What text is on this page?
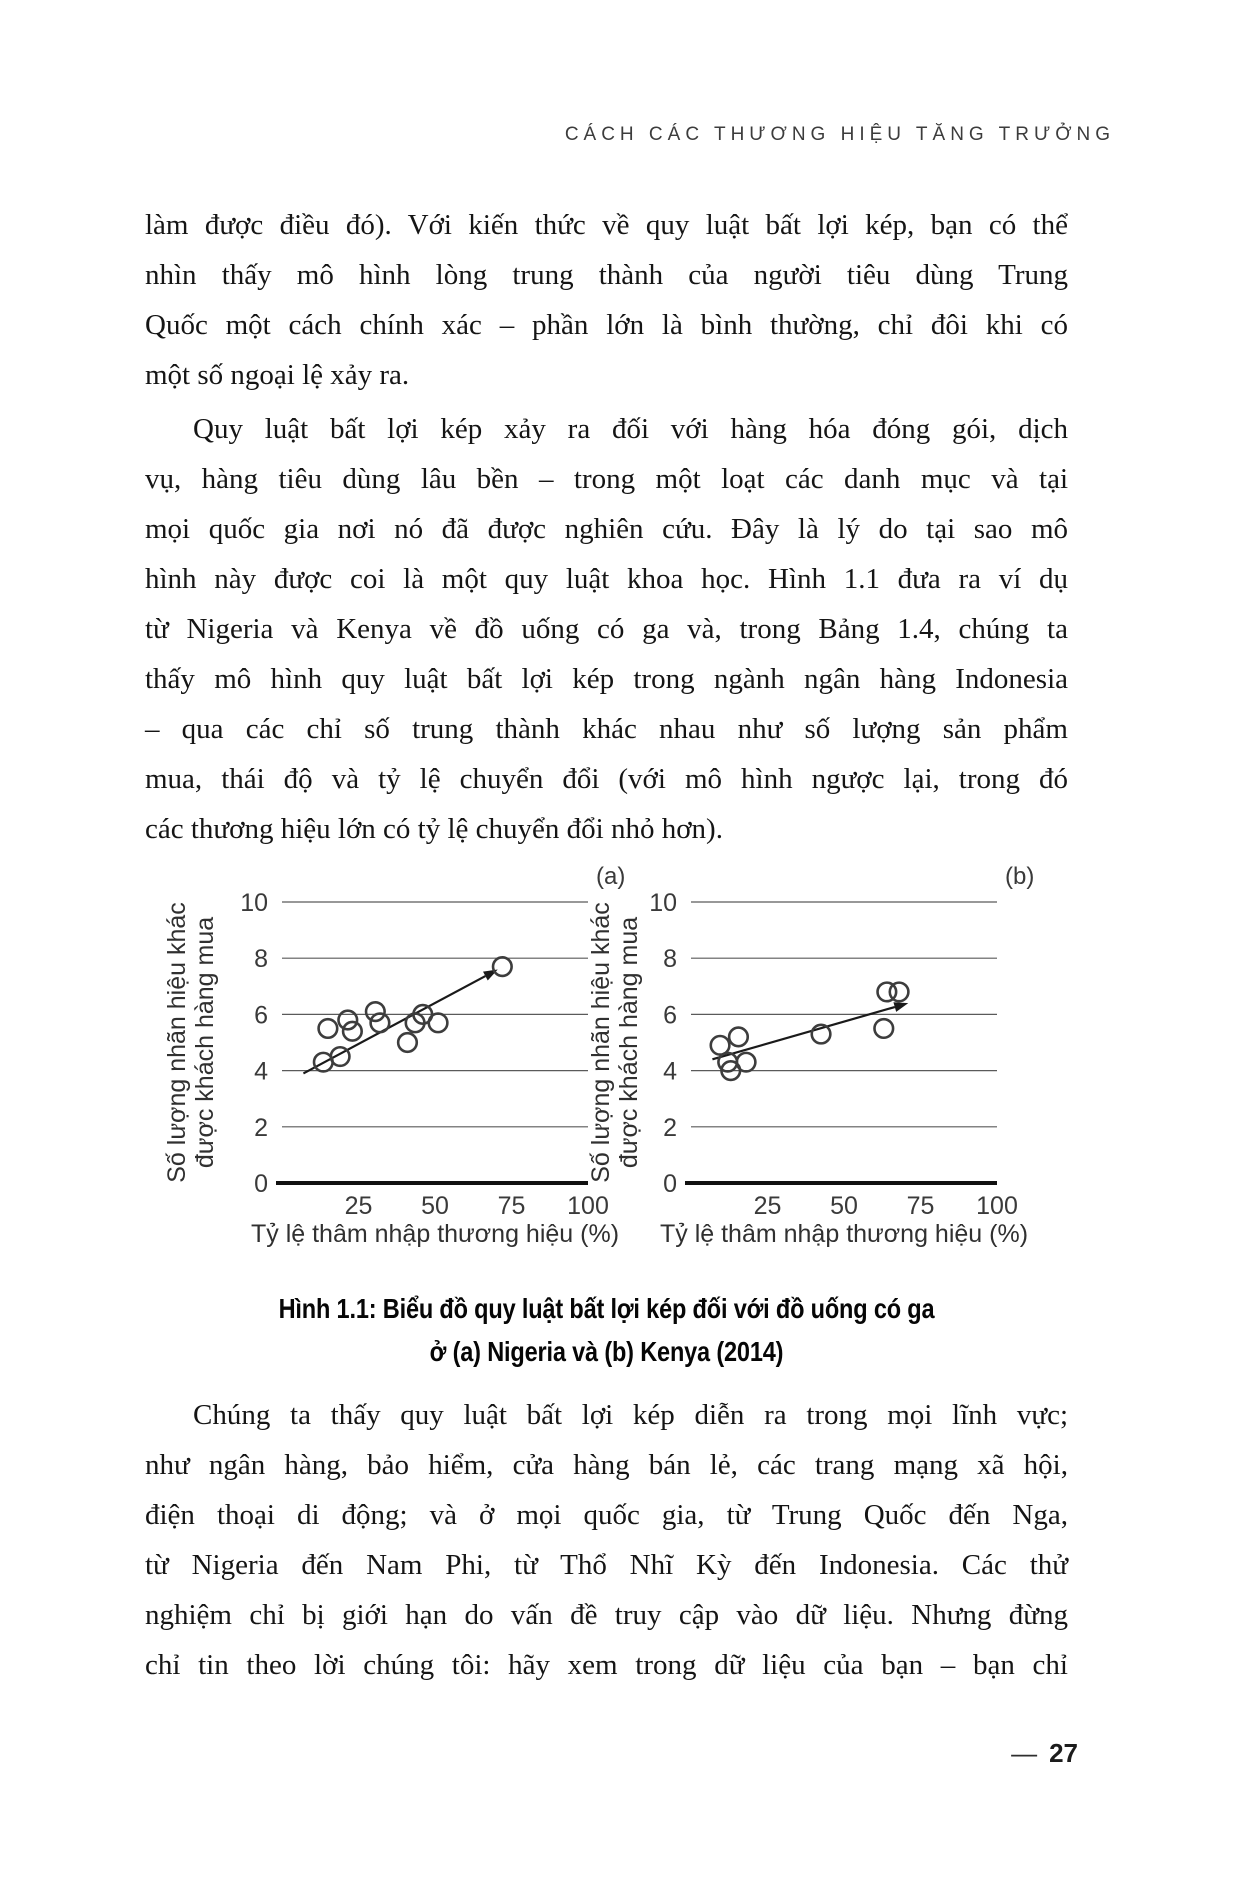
CÁCH CÁC THƯƠNG HIỆU TĂNG TRƯỞNG
làm được điều đó). Với kiến thức về quy luật bất lợi kép, bạn có thể
nhìn thấy mô hình lòng trung thành của người tiêu dùng Trung
Quốc một cách chính xác – phần lớn là bình thường, chỉ đôi khi có
một số ngoại lệ xảy ra.
Quy luật bất lợi kép xảy ra đối với hàng hóa đóng gói, dịch
vụ, hàng tiêu dùng lâu bền – trong một loạt các danh mục và tại
mọi quốc gia nơi nó đã được nghiên cứu. Đây là lý do tại sao mô
hình này được coi là một quy luật khoa học. Hình 1.1 đưa ra ví dụ
từ Nigeria và Kenya về đồ uống có ga và, trong Bảng 1.4, chúng ta
thấy mô hình quy luật bất lợi kép trong ngành ngân hàng Indonesia
– qua các chỉ số trung thành khác nhau như số lượng sản phẩm
mua, thái độ và tỷ lệ chuyển đổi (với mô hình ngược lại, trong đó
các thương hiệu lớn có tỷ lệ chuyển đổi nhỏ hơn).
0
2
4
6
8
10
25 50 75 100
Tỷ lệ thâm nhập thương hiệu (%)
Số lượng nhãn hiệu khác được khách hàng mua
(a)
0
2
4
6
8
10
25 50 75 100
Tỷ lệ thâm nhập thương hiệu (%)
Số lượng nhãn hiệu khác được khách hàng mua
(b)
Hình 1.1: Biểu đồ quy luật bất lợi kép đối với đồ uống có ga
ở (a) Nigeria và (b) Kenya (2014)
Chúng ta thấy quy luật bất lợi kép diễn ra trong mọi lĩnh vực;
như ngân hàng, bảo hiểm, cửa hàng bán lẻ, các trang mạng xã hội,
điện thoại di động; và ở mọi quốc gia, từ Trung Quốc đến Nga,
từ Nigeria đến Nam Phi, từ Thổ Nhĩ Kỳ đến Indonesia. Các thử
nghiệm chỉ bị giới hạn do vấn đề truy cập vào dữ liệu. Nhưng đừng
chỉ tin theo lời chúng tôi: hãy xem trong dữ liệu của bạn – bạn chỉ
— 27
